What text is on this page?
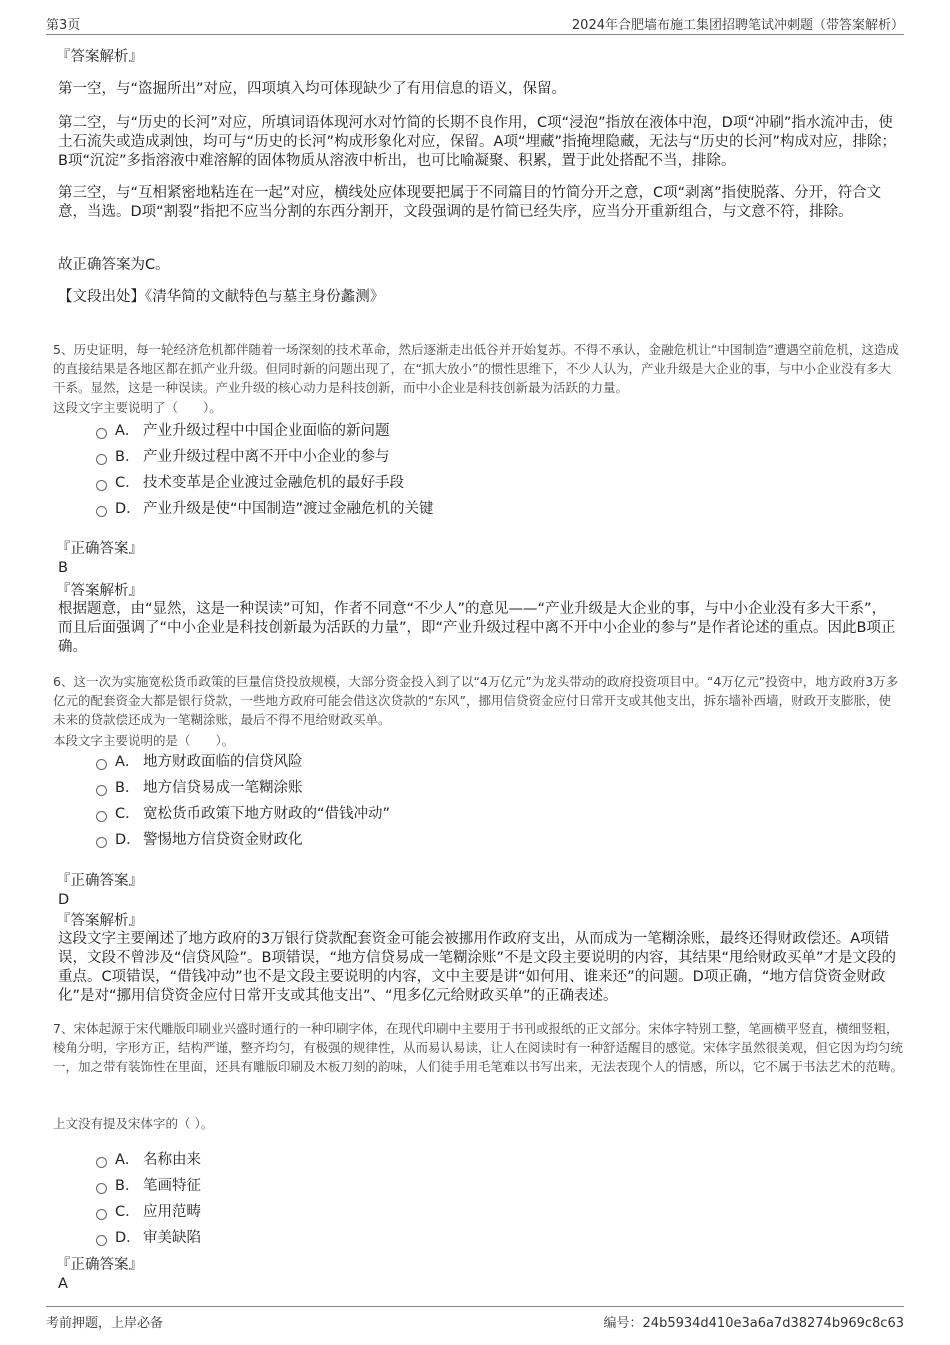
第3页	2024年合肥墙布施工集团招聘笔试冲刺题（带答案解析）
『答案解析』

第一空，与“盗掘所出”对应，四项填入均可体现缺少了有用信息的语义，保留。

第二空，与“历史的长河”对应，所填词语体现河水对竹简的长期不良作用，C项“浸泡”指放在液体中泡，D项“冲刷”指水流冲击，使土石流失或造成剥蚀，均可与“历史的长河”构成形象化对应，保留。A项“埋藏”指掩埋隐藏，无法与“历史的长河”构成对应，排除；B项“沉淀”多指溶液中难溶解的固体物质从溶液中析出，也可比喻凝聚、积累，置于此处搭配不当，排除。

第三空，与“互相紧密地粘连在一起”对应，横线处应体现要把属于不同篇目的竹简分开之意，C项“剥离”指使脱落、分开，符合文意，当选。D项“割裂”指把不应当分割的东西分割开，文段强调的是竹简已经失序，应当分开重新组合，与文意不符，排除。

故正确答案为C。

【文段出处】《清华简的文献特色与墓主身份蠡测》

5、历史证明，每一轮经济危机都伴随着一场深刻的技术革命，然后逐渐走出低谷并开始复苏。不得不承认，金融危机让“中国制造”遭遇空前危机，这造成的直接结果是各地区都在抓产业升级。但同时新的问题出现了，在“抓大放小”的惯性思维下，不少人认为，产业升级是大企业的事，与中小企业没有多大干系。显然，这是一种误读。产业升级的核心动力是科技创新，而中小企业是科技创新最为活跃的力量。

这段文字主要说明了（　　）。

A． 产业升级过程中中国企业面临的新问题
B． 产业升级过程中离不开中小企业的参与
C． 技术变革是企业渡过金融危机的最好手段
D． 产业升级是使“中国制造”渡过金融危机的关键
『正确答案』
B
『答案解析』

根据题意，由“显然，这是一种误读”可知，作者不同意“不少人”的意见——“产业升级是大企业的事，与中小企业没有多大干系”，而且后面强调了“中小企业是科技创新最为活跃的力量”，即“产业升级过程中离不开中小企业的参与”是作者论述的重点。因此B项正确。

6、这一次为实施宽松货币政策的巨量信贷投放规模，大部分资金投入到了以“4万亿元”为龙头带动的政府投资项目中。“4万亿元”投资中，地方政府3万多亿元的配套资金大都是银行贷款，一些地方政府可能会借这次贷款的“东风”，挪用信贷资金应付日常开支或其他支出，拆东墙补西墙，财政开支膨胀，使未来的贷款偿还成为一笔糊涂账，最后不得不甩给财政买单。

本段文字主要说明的是（　　）。

A． 地方财政面临的信贷风险
B． 地方信贷易成一笔糊涂账
C． 宽松货币政策下地方财政的“借钱冲动”
D． 警惕地方信贷资金财政化
『正确答案』
D
『答案解析』

这段文字主要阐述了地方政府的3万银行贷款配套资金可能会被挪用作政府支出，从而成为一笔糊涂账，最终还得财政偿还。A项错误，文段不曾涉及“信贷风险”。B项错误，“地方信贷易成一笔糊涂账”不是文段主要说明的内容，其结果“甩给财政买单”才是文段的重点。C项错误，“借钱冲动”也不是文段主要说明的内容，文中主要是讲“如何用、谁来还”的问题。D项正确，“地方信贷资金财政化”是对“挪用信贷资金应付日常开支或其他支出”、“甩多亿元给财政买单”的正确表述。

7、宋体起源于宋代雕版印刷业兴盛时通行的一种印刷字体，在现代印刷中主要用于书刊或报纸的正文部分。宋体字特别工整，笔画横平竖直，横细竖粗，棱角分明，字形方正，结构严谨，整齐均匀，有极强的规律性，从而易认易读，让人在阅读时有一种舒适醒目的感觉。宋体字虽然很美观，但它因为均匀统一，加之带有装饰性在里面，还具有雕版印刷及木板刀刻的韵味，人们徒手用毛笔难以书写出来，无法表现个人的情感，所以，它不属于书法艺术的范畴。

上文没有提及宋体字的（ ）。

A． 名称由来
B． 笔画特征
C． 应用范畴
D． 审美缺陷
『正确答案』
A
考前押题，上岸必备	编号：24b5934d410e3a6a7d38274b969c8c63
